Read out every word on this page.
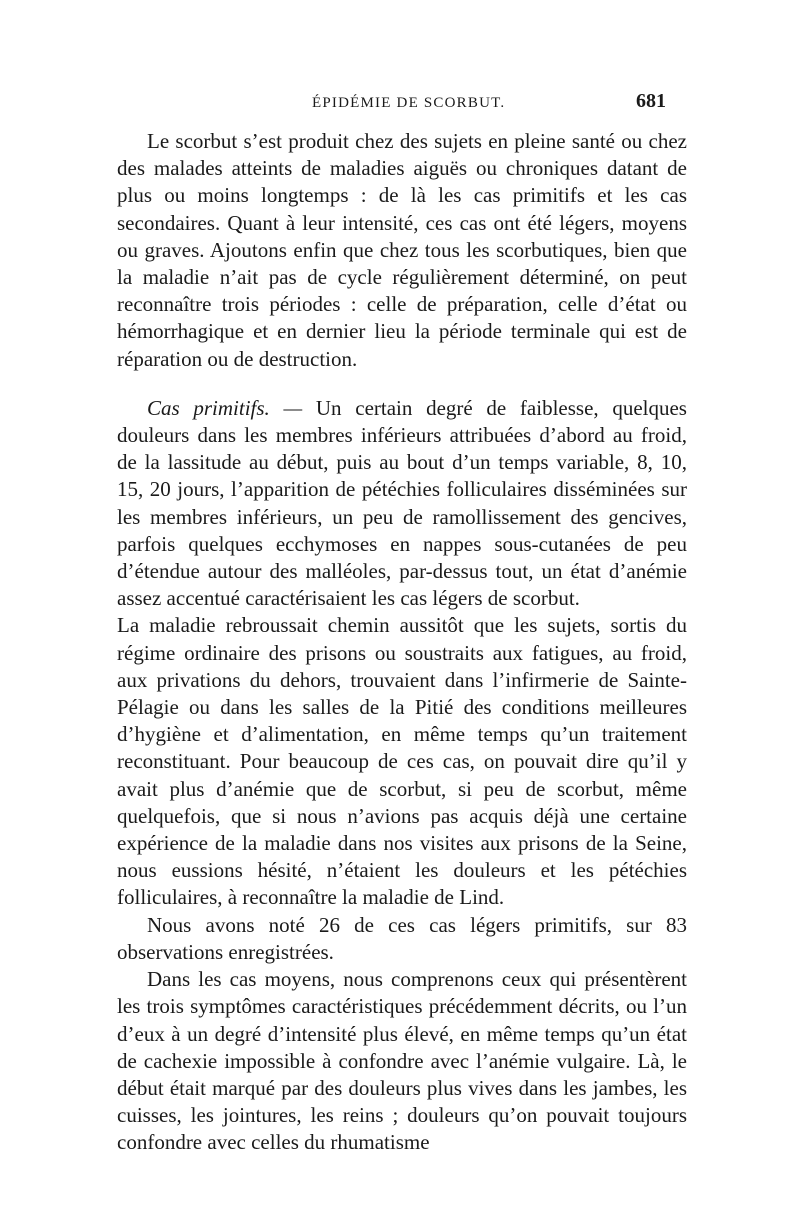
ÉPIDÉMIE DE SCORBUT.	681

Le scorbut s’est produit chez des sujets en pleine santé ou chez des malades atteints de maladies aiguës ou chroniques datant de plus ou moins longtemps : de là les cas primitifs et les cas secondaires. Quant à leur intensité, ces cas ont été légers, moyens ou graves. Ajoutons enfin que chez tous les scorbutiques, bien que la maladie n’ait pas de cycle régulièrement déterminé, on peut reconnaître trois périodes : celle de préparation, celle d’état ou hémorrhagique et en dernier lieu la période terminale qui est de réparation ou de destruction.

Cas primitifs. — Un certain degré de faiblesse, quelques douleurs dans les membres inférieurs attribuées d’abord au froid, de la lassitude au début, puis au bout d’un temps variable, 8, 10, 15, 20 jours, l’apparition de pétéchies folliculaires disséminées sur les membres inférieurs, un peu de ramollissement des gencives, parfois quelques ecchymoses en nappes sous-cutanées de peu d’étendue autour des malléoles, par-dessus tout, un état d’anémie assez accentué caractérisaient les cas légers de scorbut.

La maladie rebroussait chemin aussitôt que les sujets, sortis du régime ordinaire des prisons ou soustraits aux fatigues, au froid, aux privations du dehors, trouvaient dans l’infirmerie de Sainte-Pélagie ou dans les salles de la Pitié des conditions meilleures d’hygiène et d’alimentation, en même temps qu’un traitement reconstituant. Pour beaucoup de ces cas, on pouvait dire qu’il y avait plus d’anémie que de scorbut, si peu de scorbut, même quelquefois, que si nous n’avions pas acquis déjà une certaine expérience de la maladie dans nos visites aux prisons de la Seine, nous eussions hésité, n’étaient les douleurs et les pétéchies folliculaires, à reconnaître la maladie de Lind.

Nous avons noté 26 de ces cas légers primitifs, sur 83 observations enregistrées.

Dans les cas moyens, nous comprenons ceux qui présentèrent les trois symptômes caractéristiques précédemment décrits, ou l’un d’eux à un degré d’intensité plus élevé, en même temps qu’un état de cachexie impossible à confondre avec l’anémie vulgaire. Là, le début était marqué par des douleurs plus vives dans les jambes, les cuisses, les jointures, les reins ; douleurs qu’on pouvait toujours confondre avec celles du rhumatisme
